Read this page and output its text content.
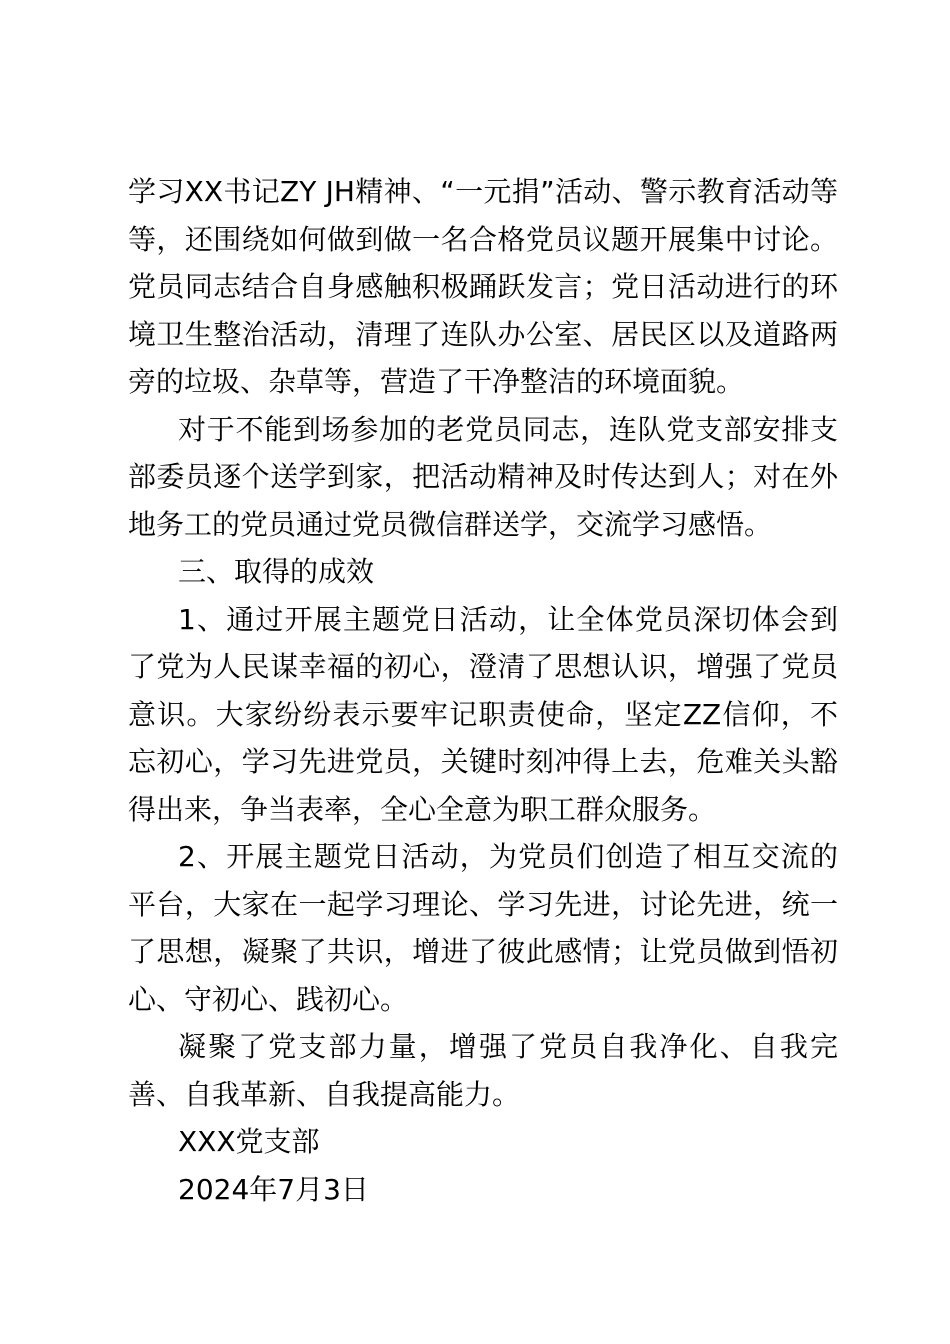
学习XX书记ZY JH精神、“一元捐”活动、警示教育活动等等，还围绕如何做到做一名合格党员议题开展集中讨论。党员同志结合自身感触积极踊跃发言；党日活动进行的环境卫生整治活动，清理了连队办公室、居民区以及道路两旁的垃圾、杂草等，营造了干净整洁的环境面貌。

对于不能到场参加的老党员同志，连队党支部安排支部委员逐个送学到家，把活动精神及时传达到人；对在外地务工的党员通过党员微信群送学，交流学习感悟。

三、取得的成效

1、通过开展主题党日活动，让全体党员深切体会到了党为人民谋幸福的初心，澄清了思想认识，增强了党员意识。大家纷纷表示要牢记职责使命，坚定ZZ信仰，不忘初心，学习先进党员，关键时刻冲得上去，危难关头豁得出来，争当表率，全心全意为职工群众服务。

2、开展主题党日活动，为党员们创造了相互交流的平台，大家在一起学习理论、学习先进，讨论先进，统一了思想，凝聚了共识，增进了彼此感情；让党员做到悟初心、守初心、践初心。

凝聚了党支部力量，增强了党员自我净化、自我完善、自我革新、自我提高能力。

XXX党支部

2024年7月3日
